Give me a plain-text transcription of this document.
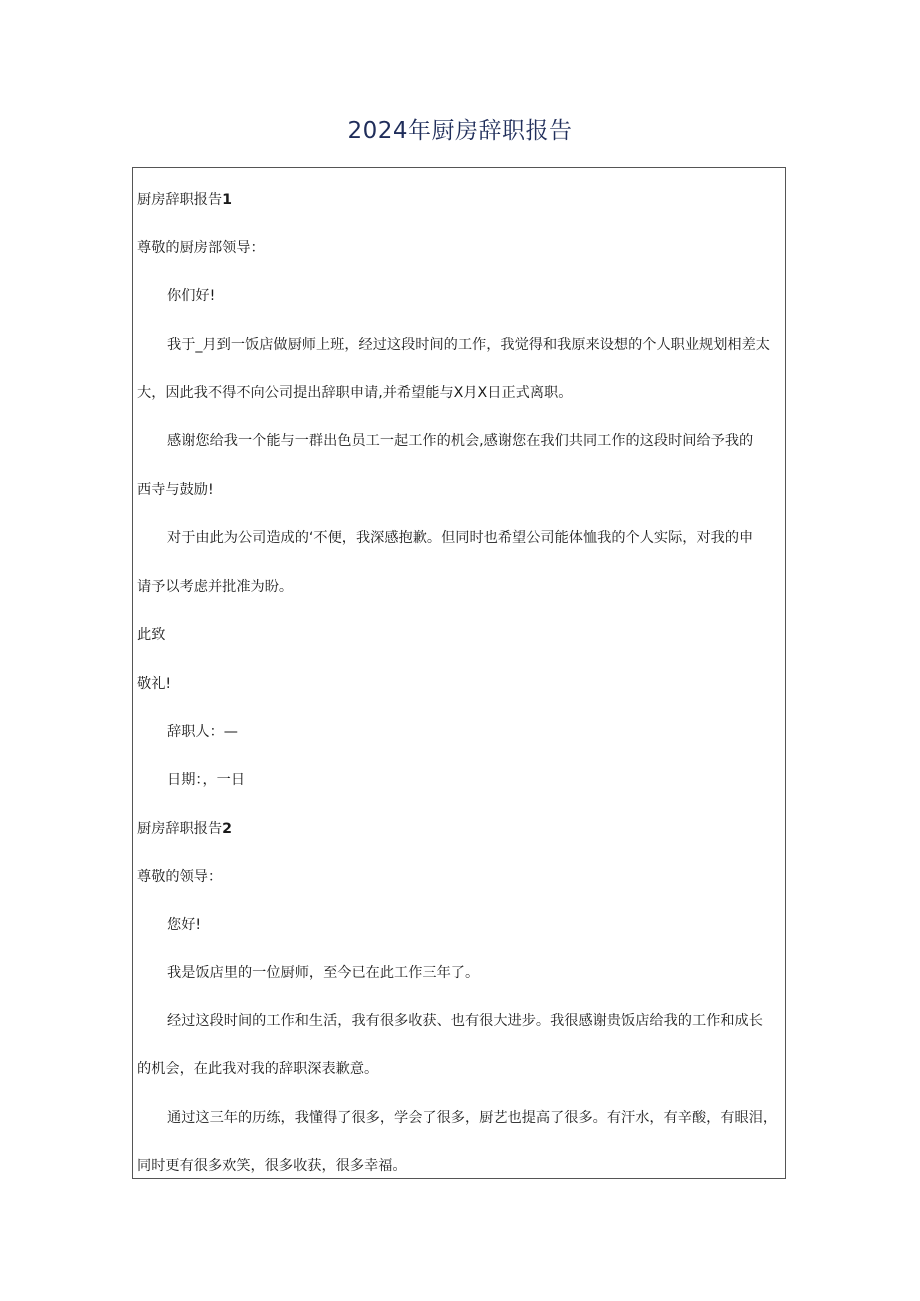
2024年厨房辞职报告
厨房辞职报告1
尊敬的厨房部领导：
你们好!
我于_月到一饭店做厨师上班，经过这段时间的工作，我觉得和我原来设想的个人职业规划相差太
大，因此我不得不向公司提出辞职申请,并希望能与X月X日正式离职。
感谢您给我一个能与一群出色员工一起工作的机会,感谢您在我们共同工作的这段时间给予我的
西寺与鼓励!
对于由此为公司造成的‘不便，我深感抱歉。但同时也希望公司能体恤我的个人实际，对我的申
请予以考虑并批准为盼。
此致
敬礼!
辞职人：—
日期：，一日
厨房辞职报告2
尊敬的领导：
您好!
我是饭店里的一位厨师，至今已在此工作三年了。
经过这段时间的工作和生活，我有很多收获、也有很大进步。我很感谢贵饭店给我的工作和成长
的机会，在此我对我的辞职深表歉意。
通过这三年的历练，我懂得了很多，学会了很多，厨艺也提高了很多。有汗水，有辛酸，有眼泪，
同时更有很多欢笑，很多收获，很多幸福。
